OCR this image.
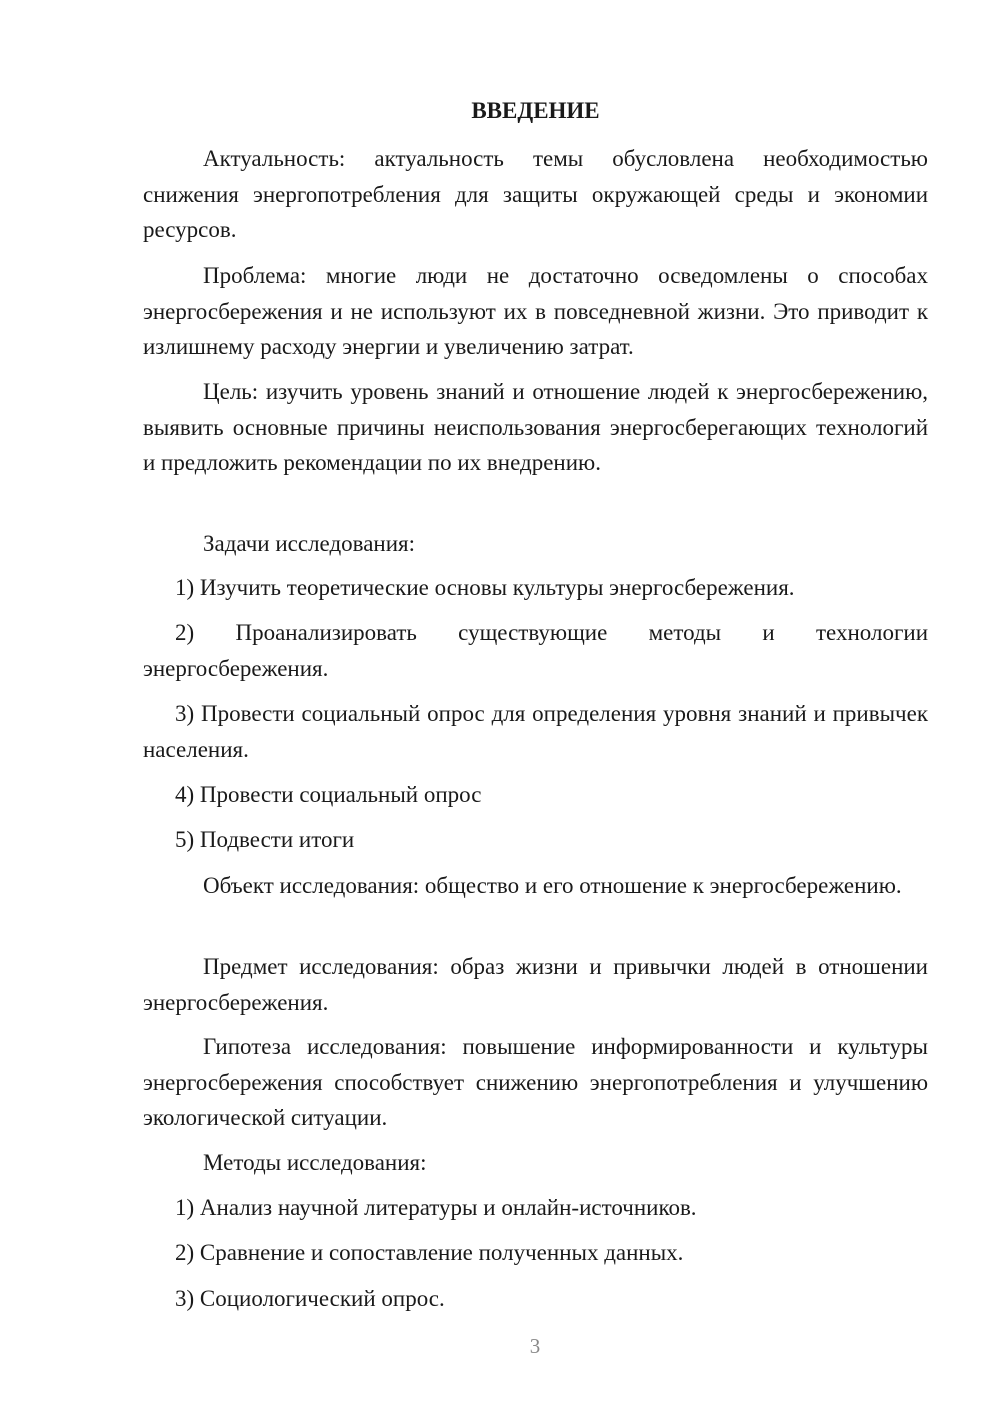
ВВЕДЕНИЕ

Актуальность: актуальность темы обусловлена необходимостью снижения энергопотребления для защиты окружающей среды и экономии ресурсов.

Проблема: многие люди не достаточно осведомлены о способах энергосбережения и не используют их в повседневной жизни. Это приводит к излишнему расходу энергии и увеличению затрат.

Цель: изучить уровень знаний и отношение людей к энергосбережению, выявить основные причины неиспользования энергосберегающих технологий и предложить рекомендации по их внедрению.

Задачи исследования:

1) Изучить теоретические основы культуры энергосбережения.

2) Проанализировать существующие методы и технологии энергосбережения.

3) Провести социальный опрос для определения уровня знаний и привычек населения.

4) Провести социальный опрос

5) Подвести итоги

Объект исследования: общество и его отношение к энергосбережению.

Предмет исследования: образ жизни и привычки людей в отношении энергосбережения.

Гипотеза исследования: повышение информированности и культуры энергосбережения способствует снижению энергопотребления и улучшению экологической ситуации.

Методы исследования:

1) Анализ научной литературы и онлайн-источников.

2) Сравнение и сопоставление полученных данных.

3) Социологический опрос.

3
